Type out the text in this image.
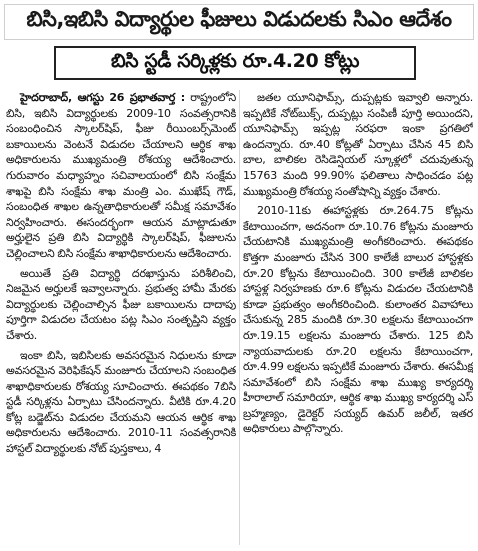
బిసి,ఇబిసి విద్యార్థుల ఫీజులు విడుదలకు సిఎం ఆదేశం
బిసి స్టడీ సర్కిళ్లకు రూ.4.20 కోట్లు

హైదరాబాద్, ఆగస్టు 26 ప్రభాతవార్త : రాష్ట్రంలోని బిసి, ఇబిసి విద్యార్థులకు 2009-10 సంవత్సరానికి సంబంధించిన స్కాలర్‌షిప్, ఫీజు రీయింబర్స్‌మెంట్ బకాయిలను వెంటనే విడుదల చేయాలని ఆర్థిక శాఖ అధికారులను ముఖ్యమంత్రి రోశయ్య ఆదేశించారు. గురువారం మధ్యాహ్నం సచివాలయంలో బిసి సంక్షేమ శాఖపై బిసి సంక్షేమ శాఖ మంత్రి ఎం. ముఖేష్ గౌడ్, సంబంధిత శాఖల ఉన్నతాధికారులతో సమీక్ష సమావేశం నిర్వహించారు. ఈసందర్భంగా ఆయన మాట్లాడుతూ అర్హులైన ప్రతి బిసి విద్యార్థికి స్కాలర్‌షిప్, ఫీజులను చెల్లించాలని బిసి సంక్షేమ శాఖాధికారులను ఆదేశించారు.

అయితే ప్రతి విద్యార్థి దరఖాస్తును పరిశీలించి, నిజమైన అర్హులకే ఇవ్వాలన్నారు. ప్రభుత్వ హామీ మేరకు విద్యార్థులకు చెల్లించాల్సిన ఫీజు బకాయిలను దాదాపు పూర్తిగా విడుదల చేయటం పట్ల సిఎం సంతృప్తిని వ్యక్తం చేశారు.

ఇంకా బిసి, ఇబిసిలకు అవసరమైన నిధులను కూడా అవసరమైన వెరిఫికేషన్ మంజూరు చేయాలని సంబంధిత శాఖాధికారులకు రోశయ్య సూచించారు. ఈపథకం 7బిసి స్టడీ సర్కిళ్లను ఏర్పాటు చేసిందన్నారు. వీటికి రూ.4.20 కోట్ల బడ్జెట్‌ను విడుదల చేయమని ఆయన ఆర్థిక శాఖ అధికారులను ఆదేశించారు. 2010-11 సంవత్సరానికి హాస్టల్ విద్యార్థులకు నోట్ పుస్తకాలు, 4

జతల యూనిఫామ్స్, దుప్పట్లకు ఇవ్వాలి అన్నారు. ఇప్పటికే నోట్‌బుక్స్, దుప్పట్లు సంపిణీ పూర్తి అయిందని, యూనిఫామ్స్ ఇప్పట్ల సరఫరా ఇంకా ప్రగతిలో ఉందన్నారు. రూ.40 కోట్లతో ఏర్పాటు చేసిన 45 బిసి బాల, బాలికల రెసిడెన్షియల్ స్కూళ్లలో చదువుతున్న 15763 మంది 99.90% ఫలితాలు సాధించడం పట్ల ముఖ్యమంత్రి రోశయ్య సంతోషాన్ని వ్యక్తం చేశారు.

2010-11కు ఈహాస్టళ్లకు రూ.264.75 కోట్లను కేటాయించగా, అదనంగా రూ.10.76 కోట్లను మంజూరు చేయటానికి ముఖ్యమంత్రి అంగీకరించారు. ఈపథకం కొత్తగా మంజూరు చేసిన 300 కాలేజీ బాలుర హాస్టళ్లకు రూ.20 కోట్లను కేటాయించింది. 300 కాలేజీ బాలికల హాస్టళ్ల నిర్వహణకు రూ.6 కోట్లను విడుదల చేయటానికి కూడా ప్రభుత్వం అంగీకరించింది. కులాంతర వివాహాలు చేసుకున్న 285 మందికి రూ.30 లక్షలను కేటాయించగా రూ.19.15 లక్షలను మంజూరు చేశారు. 125 బిసి న్యాయవాదులకు రూ.20 లక్షలను కేటాయించగా, రూ.4.99 లక్షలను ఇప్పటికే మంజూరు చేశారు. ఈసమీక్ష సమావేశంలో బిసి సంక్షేమ శాఖ ముఖ్య కార్యదర్శి హీరాలాల్ సమారియా, ఆర్థిక శాఖ ముఖ్య కార్యదర్శి ఎస్ బ్రహ్మణ్యం, డైరెక్టర్ సయ్యద్ ఉమర్ జలీల్, ఇతర అధికారులు పాల్గొన్నారు.
